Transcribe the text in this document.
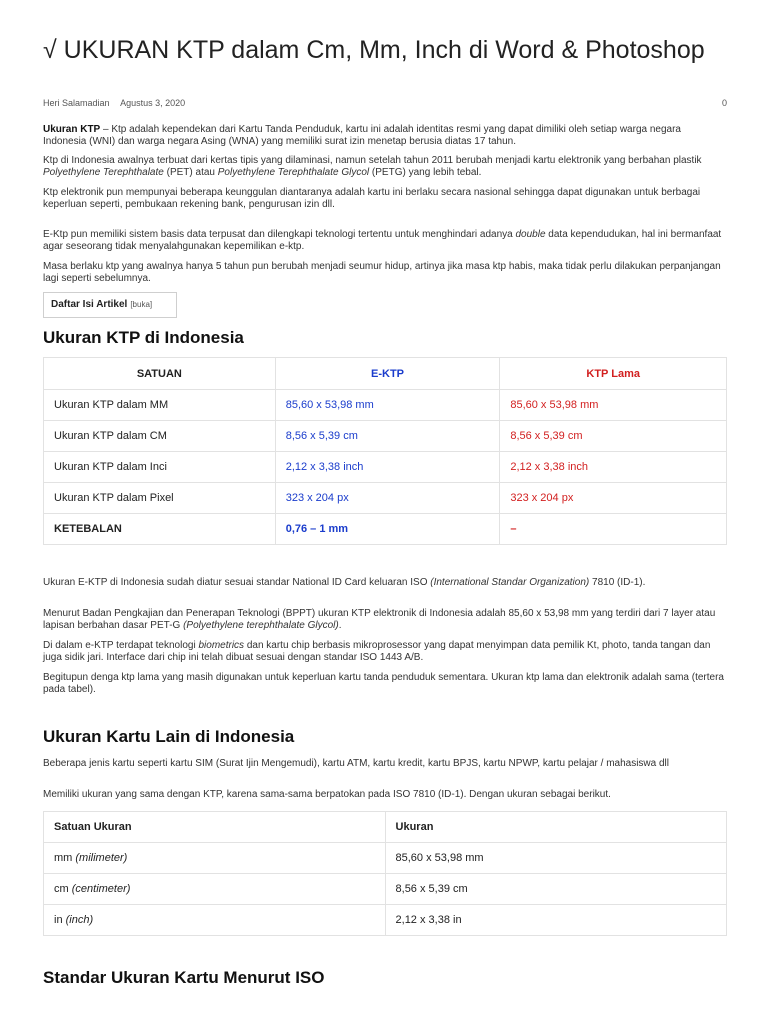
√ UKURAN KTP dalam Cm, Mm, Inch di Word & Photoshop
Heri Salamadian Agustus 3, 2020	0
Ukuran KTP – Ktp adalah kependekan dari Kartu Tanda Penduduk, kartu ini adalah identitas resmi yang dapat dimiliki oleh setiap warga negara Indonesia (WNI) dan warga negara Asing (WNA) yang memiliki surat izin menetap berusia diatas 17 tahun.
Ktp di Indonesia awalnya terbuat dari kertas tipis yang dilaminasi, namun setelah tahun 2011 berubah menjadi kartu elektronik yang berbahan plastik Polyethylene Terephthalate (PET) atau Polyethylene Terephthalate Glycol (PETG) yang lebih tebal.
Ktp elektronik pun mempunyai beberapa keunggulan diantaranya adalah kartu ini berlaku secara nasional sehingga dapat digunakan untuk berbagai keperluan seperti, pembukaan rekening bank, pengurusan izin dll.
E-Ktp pun memiliki sistem basis data terpusat dan dilengkapi teknologi tertentu untuk menghindari adanya double data kependudukan, hal ini bermanfaat agar seseorang tidak menyalahgunakan kepemilikan e-ktp.
Masa berlaku ktp yang awalnya hanya 5 tahun pun berubah menjadi seumur hidup, artinya jika masa ktp habis, maka tidak perlu dilakukan perpanjangan lagi seperti sebelumnya.
Daftar Isi Artikel [buka]
Ukuran KTP di Indonesia
SATUAN	E-KTP	KTP Lama
Ukuran KTP dalam MM	85,60 x 53,98 mm	85,60 x 53,98 mm
Ukuran KTP dalam CM	8,56 x 5,39 cm	8,56 x 5,39 cm
Ukuran KTP dalam Inci	2,12 x 3,38 inch	2,12 x 3,38 inch
Ukuran KTP dalam Pixel	323 x 204 px	323 x 204 px
KETEBALAN	0,76 – 1 mm	–
Ukuran E-KTP di Indonesia sudah diatur sesuai standar National ID Card keluaran ISO (International Standar Organization) 7810 (ID-1).
Menurut Badan Pengkajian dan Penerapan Teknologi (BPPT) ukuran KTP elektronik di Indonesia adalah 85,60 x 53,98 mm yang terdiri dari 7 layer atau lapisan berbahan dasar PET-G (Polyethylene terephthalate Glycol).
Di dalam e-KTP terdapat teknologi biometrics dan kartu chip berbasis mikroprosessor yang dapat menyimpan data pemilik Kt, photo, tanda tangan dan juga sidik jari. Interface dari chip ini telah dibuat sesuai dengan standar ISO 1443 A/B.
Begitupun denga ktp lama yang masih digunakan untuk keperluan kartu tanda penduduk sementara. Ukuran ktp lama dan elektronik adalah sama (tertera pada tabel).
Ukuran Kartu Lain di Indonesia
Beberapa jenis kartu seperti kartu SIM (Surat Ijin Mengemudi), kartu ATM, kartu kredit, kartu BPJS, kartu NPWP, kartu pelajar / mahasiswa dll
Memiliki ukuran yang sama dengan KTP, karena sama-sama berpatokan pada ISO 7810 (ID-1). Dengan ukuran sebagai berikut.
Satuan Ukuran	Ukuran
mm (milimeter)	85,60 x 53,98 mm
cm (centimeter)	8,56 x 5,39 cm
in (inch)	2,12 x 3,38 in
Standar Ukuran Kartu Menurut ISO
